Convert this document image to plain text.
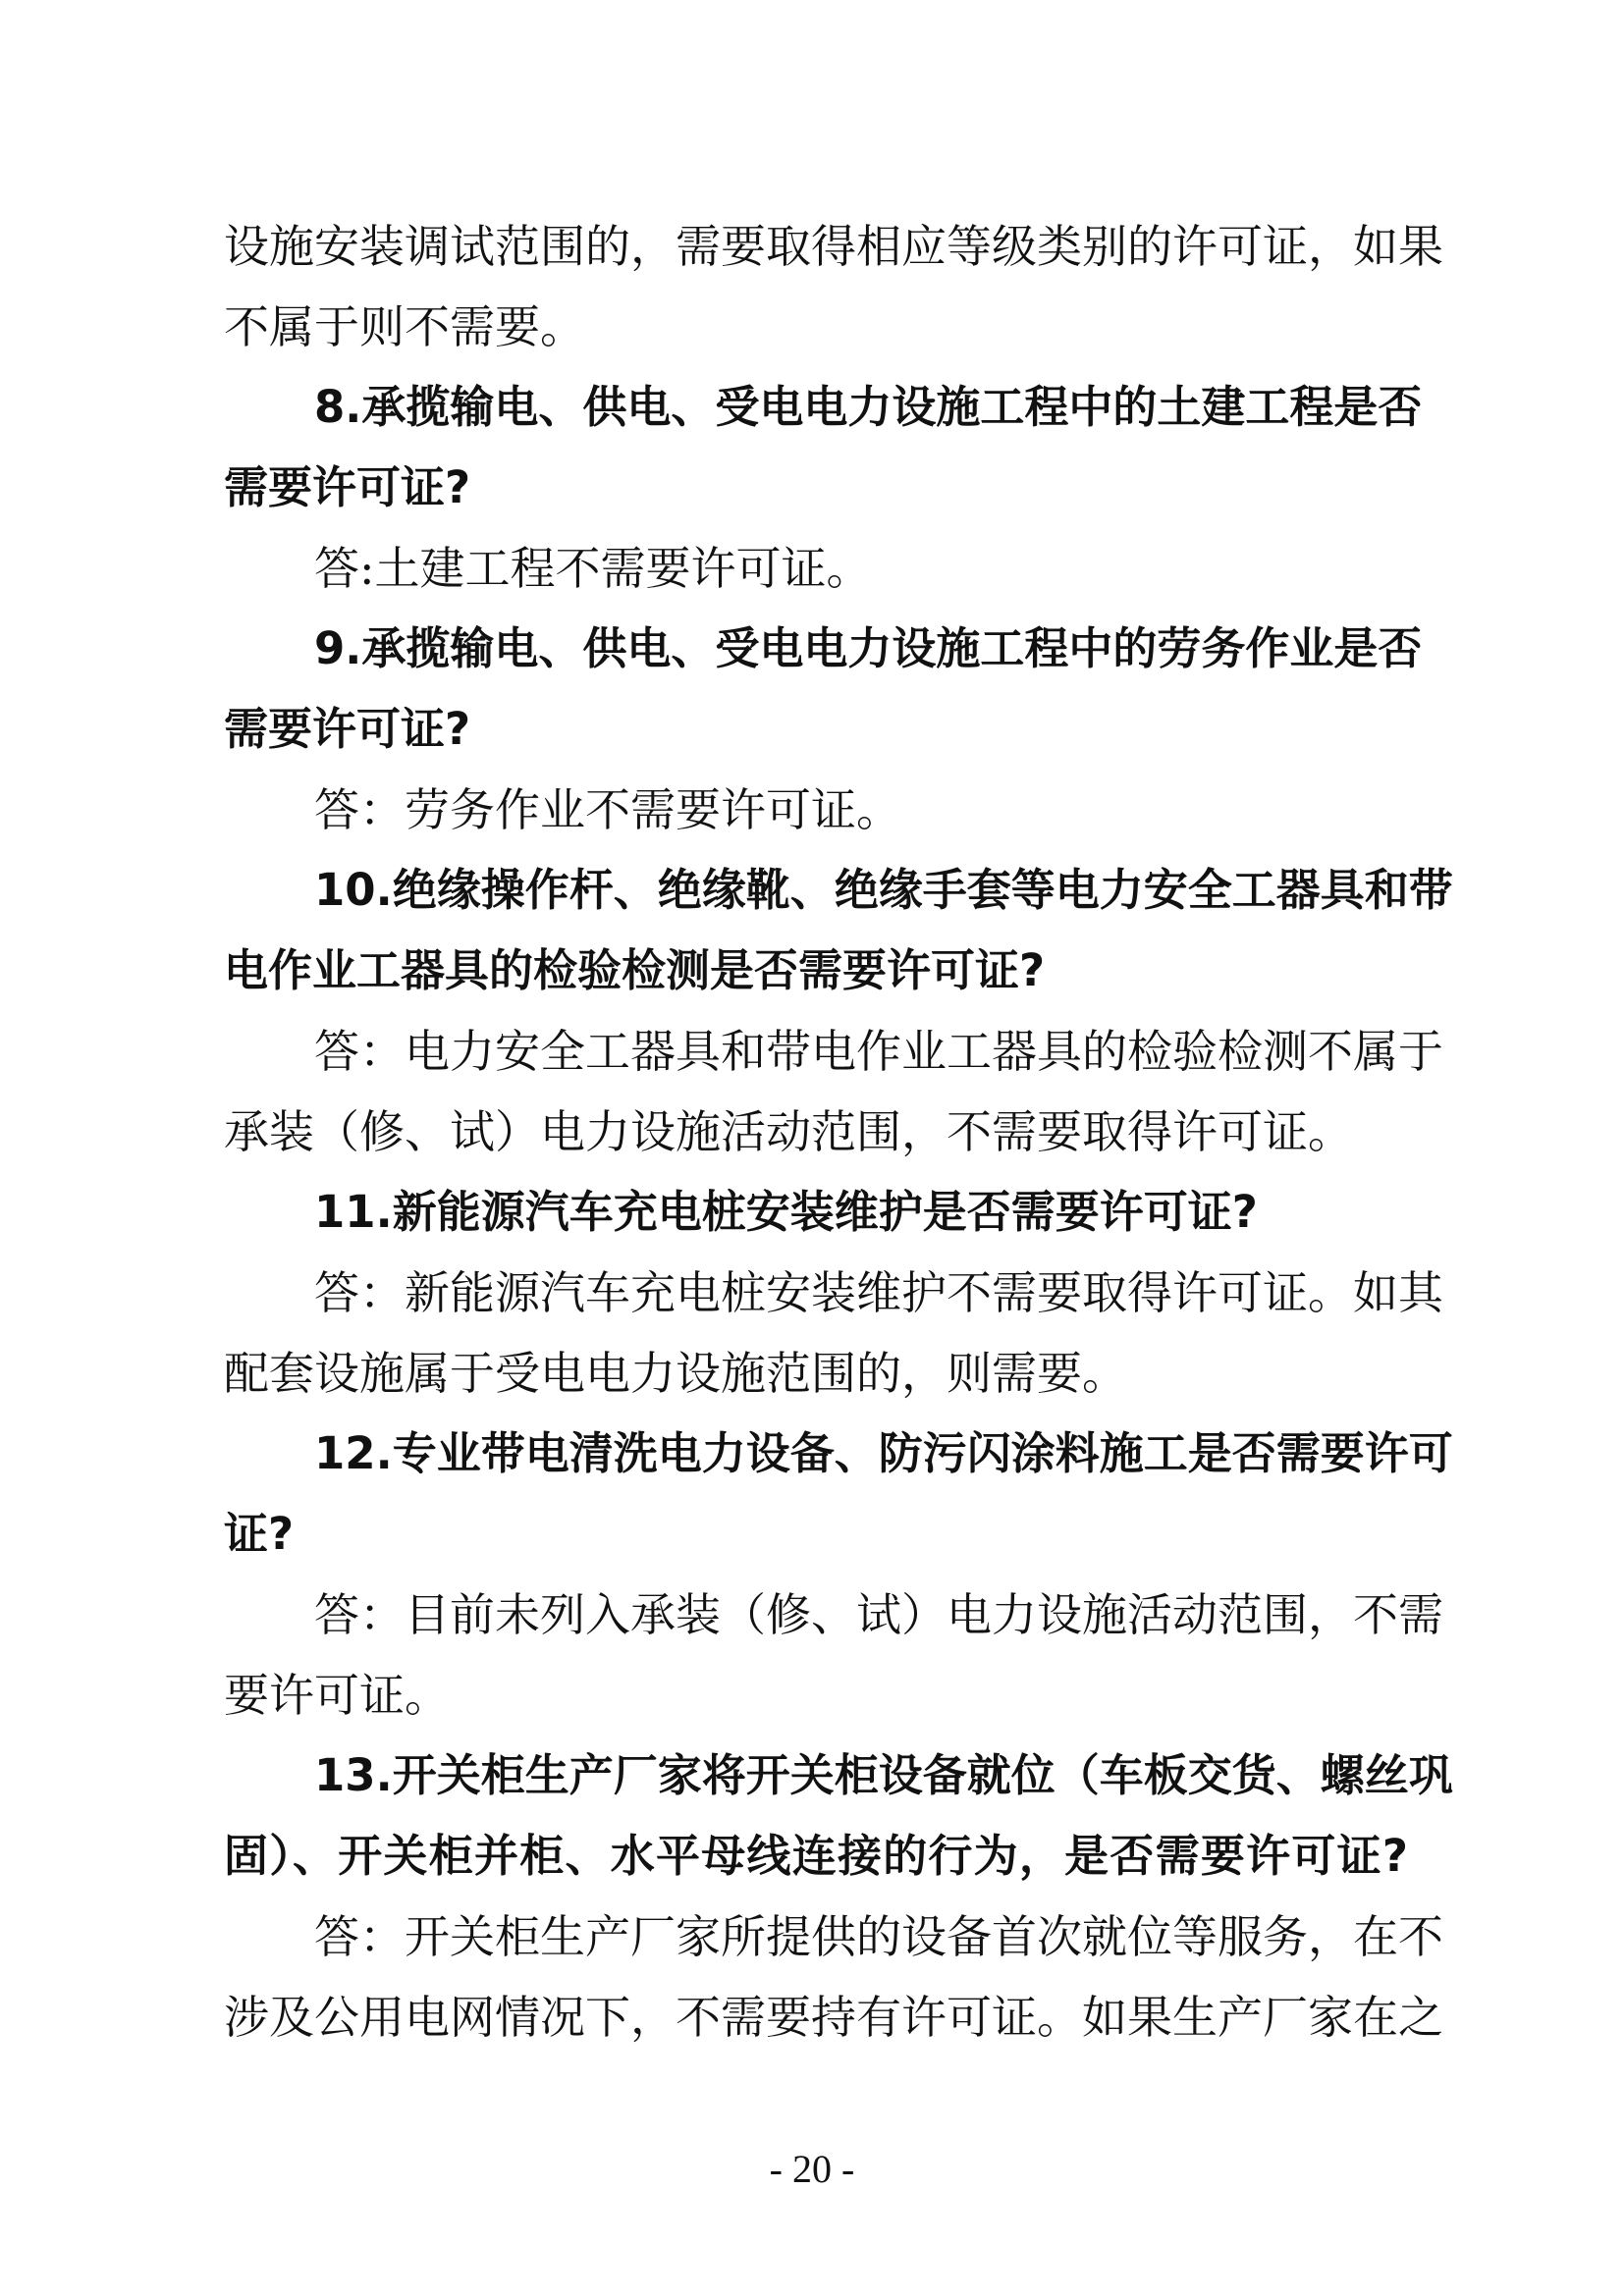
设施安装调试范围的，需要取得相应等级类别的许可证，如果
不属于则不需要。
8.承揽输电、供电、受电电力设施工程中的土建工程是否
需要许可证?
答:土建工程不需要许可证。
9.承揽输电、供电、受电电力设施工程中的劳务作业是否
需要许可证?
答：劳务作业不需要许可证。
10.绝缘操作杆、绝缘靴、绝缘手套等电力安全工器具和带
电作业工器具的检验检测是否需要许可证?
答：电力安全工器具和带电作业工器具的检验检测不属于
承装（修、试）电力设施活动范围，不需要取得许可证。
11.新能源汽车充电桩安装维护是否需要许可证?
答：新能源汽车充电桩安装维护不需要取得许可证。如其
配套设施属于受电电力设施范围的，则需要。
12.专业带电清洗电力设备、防污闪涂料施工是否需要许可
证?
答：目前未列入承装（修、试）电力设施活动范围，不需
要许可证。
13.开关柜生产厂家将开关柜设备就位（车板交货、螺丝巩
固）、开关柜并柜、水平母线连接的行为，是否需要许可证?
答：开关柜生产厂家所提供的设备首次就位等服务，在不
涉及公用电网情况下，不需要持有许可证。如果生产厂家在之
- 20 -
